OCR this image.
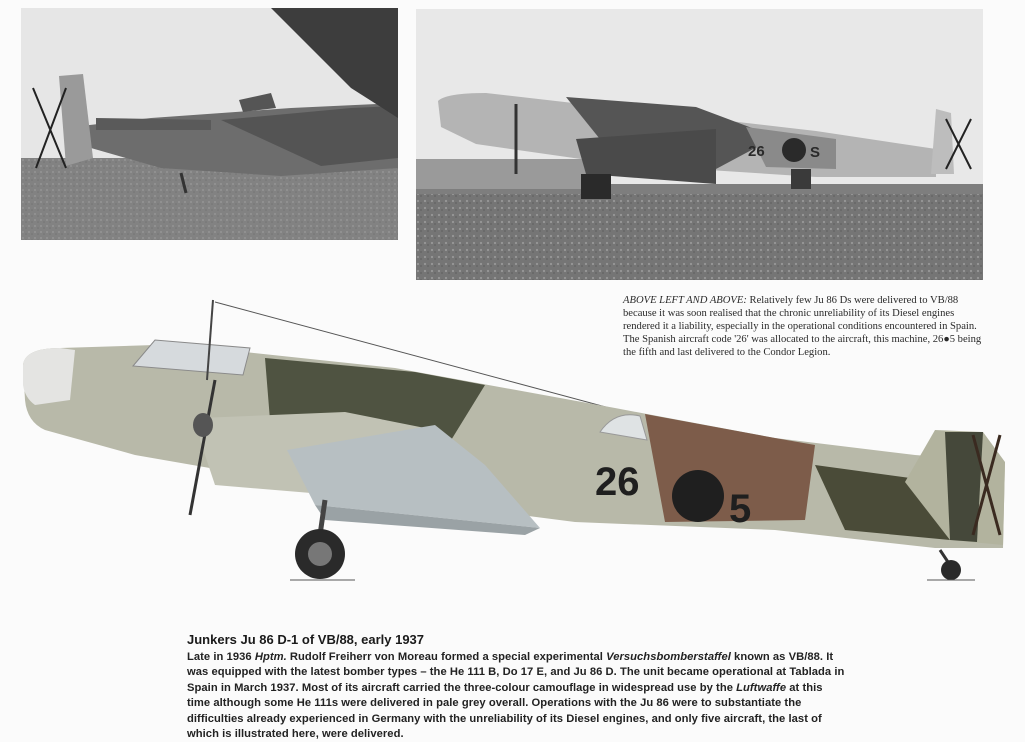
26	S
ABOVE LEFT AND ABOVE: Relatively few Ju 86 Ds were delivered to VB/88 because it was soon realised that the chronic unreliability of its Diesel engines rendered it a liability, especially in the operational conditions encountered in Spain. The Spanish aircraft code '26' was allocated to the aircraft, this machine, 26●5 being the fifth and last delivered to the Condor Legion.
26
5
Junkers Ju 86 D-1 of VB/88, early 1937

Late in 1936 Hptm. Rudolf Freiherr von Moreau formed a special experimental Versuchsbomberstaffel known as VB/88. It was equipped with the latest bomber types – the He 111 B, Do 17 E, and Ju 86 D. The unit became operational at Tablada in Spain in March 1937. Most of its aircraft carried the three-colour camouflage in widespread use by the Luftwaffe at this time although some He 111s were delivered in pale grey overall. Operations with the Ju 86 were to substantiate the difficulties already experienced in Germany with the unreliability of its Diesel engines, and only five aircraft, the last of which is illustrated here, were delivered.
